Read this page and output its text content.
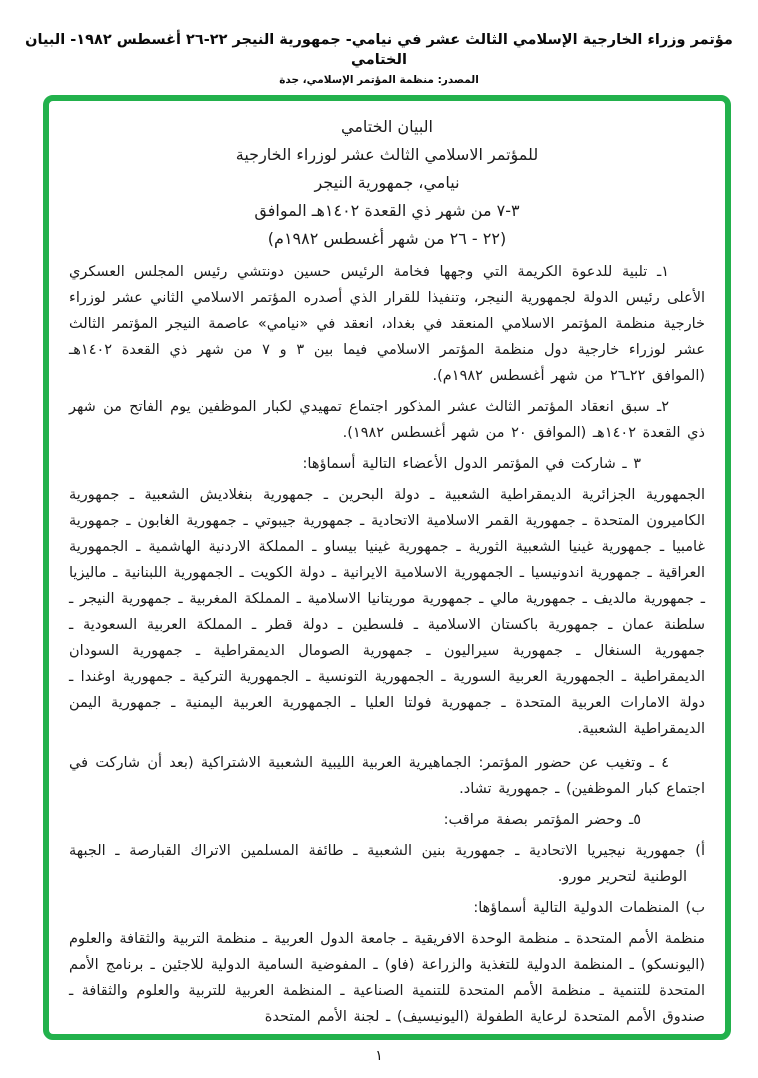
مؤتمر وزراء الخارجية الإسلامي الثالث عشر في نيامي- جمهورية النيجر ٢٢-٢٦ أغسطس ١٩٨٢- البيان الختامي
المصدر: منظمة المؤتمر الإسلامي، جدة
البيان الختامي
للمؤتمر الاسلامي الثالث عشر لوزراء الخارجية
نيامي، جمهورية النيجر
٣-٧ من شهر ذي القعدة ١٤٠٢هـ الموافق
(٢٢ - ٢٦ من شهر أغسطس ١٩٨٢م)
١ـ تلبية للدعوة الكريمة التي وجهها فخامة الرئيس حسين دونتشي رئيس المجلس العسكري الأعلى رئيس الدولة لجمهورية النيجر، وتنفيذا للقرار الذي أصدره المؤتمر الاسلامي الثاني عشر لوزراء خارجية منظمة المؤتمر الاسلامي المنعقد في بغداد، انعقد في «نيامي» عاصمة النيجر المؤتمر الثالث عشر لوزراء خارجية دول منظمة المؤتمر الاسلامي فيما بين ٣ و ٧ من شهر ذي القعدة ١٤٠٢هـ (الموافق ٢٢ـ٢٦ من شهر أغسطس ١٩٨٢م).
٢ـ سبق انعقاد المؤتمر الثالث عشر المذكور اجتماع تمهيدي لكبار الموظفين يوم الفاتح من شهر ذي القعدة ١٤٠٢هـ (الموافق ٢٠ من شهر أغسطس ١٩٨٢).
٣ ـ شاركت في المؤتمر الدول الأعضاء التالية أسماؤها:
الجمهورية الجزائرية الديمقراطية الشعبية ـ دولة البحرين ـ جمهورية بنغلاديش الشعبية ـ جمهورية الكاميرون المتحدة ـ جمهورية القمر الاسلامية الاتحادية ـ جمهورية جيبوتي ـ جمهورية الغابون ـ جمهورية غامبيا ـ جمهورية غينيا الشعبية الثورية ـ جمهورية غينيا بيساو ـ المملكة الاردنية الهاشمية ـ الجمهورية العراقية ـ جمهورية اندونيسيا ـ الجمهورية الاسلامية الايرانية ـ دولة الكويت ـ الجمهورية اللبنانية ـ ماليزيا ـ جمهورية مالديف ـ جمهورية مالي ـ جمهورية موريتانيا الاسلامية ـ المملكة المغربية ـ جمهورية النيجر ـ سلطنة عمان ـ جمهورية باكستان الاسلامية ـ فلسطين ـ دولة قطر ـ المملكة العربية السعودية ـ جمهورية السنغال ـ جمهورية سيراليون ـ جمهورية الصومال الديمقراطية ـ جمهورية السودان الديمقراطية ـ الجمهورية العربية السورية ـ الجمهورية التونسية ـ الجمهورية التركية ـ جمهورية اوغندا ـ دولة الامارات العربية المتحدة ـ جمهورية فولتا العليا ـ الجمهورية العربية اليمنية ـ جمهورية اليمن الديمقراطية الشعبية.
٤ ـ وتغيب عن حضور المؤتمر: الجماهيرية العربية الليبية الشعبية الاشتراكية (بعد أن شاركت في اجتماع كبار الموظفين) ـ جمهورية تشاد.
٥ـ وحضر المؤتمر بصفة مراقب:
أ) جمهورية نيجيريا الاتحادية ـ جمهورية بنين الشعبية ـ طائفة المسلمين الاتراك القبارصة ـ الجبهة الوطنية لتحرير مورو.
ب) المنظمات الدولية التالية أسماؤها:
منظمة الأمم المتحدة ـ منظمة الوحدة الافريقية ـ جامعة الدول العربية ـ منظمة التربية والثقافة والعلوم (اليونسكو) ـ المنظمة الدولية للتغذية والزراعة (فاو) ـ المفوضية السامية الدولية للاجئين ـ برنامج الأمم المتحدة للتنمية ـ منظمة الأمم المتحدة للتنمية الصناعية ـ المنظمة العربية للتربية والعلوم والثقافة ـ صندوق الأمم المتحدة لرعاية الطفولة (اليونيسيف) ـ لجنة الأمم المتحدة
١
